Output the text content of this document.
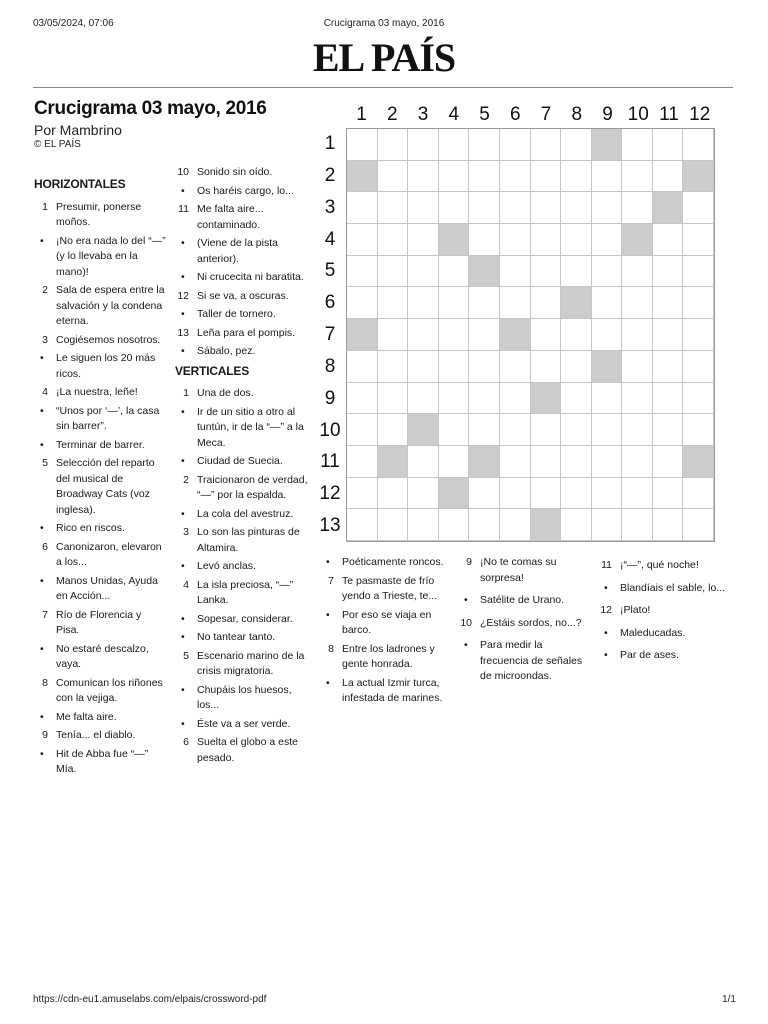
03/05/2024, 07:06	Crucigrama 03 mayo, 2016
EL PAÍS
Crucigrama 03 mayo, 2016
Por Mambrino
© EL PAÍS
HORIZONTALES
1 Presumir, ponerse moños.
• ¡No era nada lo del “—” (y lo llevaba en la mano)!
2 Sala de espera entre la salvación y la condena eterna.
3 Cogiésemos nosotros.
• Le siguen los 20 más ricos.
4 ¡La nuestra, leñe!
• “Unos por ‘—’, la casa sin barrer”.
• Terminar de barrer.
5 Selección del reparto del musical de Broadway Cats (voz inglesa).
• Rico en riscos.
6 Canonizaron, elevaron a los...
• Manos Unidas, Ayuda en Acción...
7 Río de Florencia y Pisa.
• No estaré descalzo, vaya.
8 Comunican los riñones con la vejiga.
• Me falta aire.
9 Tenía... el diablo.
• Hit de Abba fue “—” Mía.
10 Sonido sin oído.
• Os haréis cargo, lo...
11 Me falta aire... contaminado.
• (Viene de la pista anterior).
• Ni crucecita ni baratita.
12 Si se va, a oscuras.
• Taller de tornero.
13 Leña para el pompis.
• Sábalo, pez.
VERTICALES
1 Una de dos.
• Ir de un sitio a otro al tuntún, ir de la “—” a la Meca.
• Ciudad de Suecia.
2 Traicionaron de verdad, “—” por la espalda.
• La cola del avestruz.
3 Lo son las pinturas de Altamira.
• Levó anclas.
4 La isla preciosa, “—” Lanka.
• Sopesar, considerar.
• No tantear tanto.
5 Escenario marino de la crisis migratoria.
• Chupáis los huesos, los...
• Éste va a ser verde.
6 Suelta el globo a este pesado.
• Poéticamente roncos.
7 Te pasmaste de frío yendo a Trieste, te...
• Por eso se viaja en barco.
8 Entre los ladrones y gente honrada.
• La actual Izmir turca, infestada de marines.
9 ¡No te comas su sorpresa!
• Satélite de Urano.
10 ¿Estáis sordos, no...?
• Para medir la frecuencia de señales de microondas.
11 ¡“—”, qué noche!
• Blandíais el sable, lo...
12 ¡Plato!
• Maleducadas.
• Par de ases.
1	2	3	4	5	6	7	8	9 10 11 12
1
2
3
4
5
6
7
8
9
10
11
12
13
https://cdn-eu1.amuselabs.com/elpais/crossword-pdf	1/1
